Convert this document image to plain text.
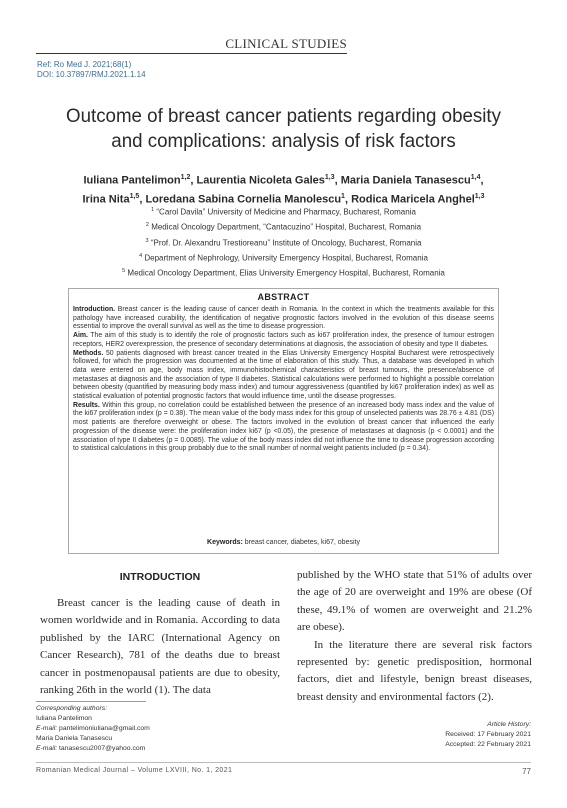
CLINICAL STUDIES
Ref: Ro Med J. 2021;68(1)
DOI: 10.37897/RMJ.2021.1.14
Outcome of breast cancer patients regarding obesity
and complications: analysis of risk factors
Iuliana Pantelimon$^{1,2}$, Laurentia Nicoleta Gales$^{1,3}$, Maria Daniela Tanasescu$^{1,4}$,
Irina Nita$^{1,5}$, Loredana Sabina Cornelia Manolescu$^1$, Rodica Maricela Anghel$^{1,3}$
$^1$ “Carol Davila” University of Medicine and Pharmacy, Bucharest, Romania
$^2$ Medical Oncology Department, “Cantacuzino” Hospital, Bucharest, Romania
$^3$ “Prof. Dr. Alexandru Trestioreanu” Institute of Oncology, Bucharest, Romania
$^4$ Department of Nephrology, University Emergency Hospital, Bucharest, Romania
$^5$ Medical Oncology Department, Elias University Emergency Hospital, Bucharest, Romania
ABSTRACT

Introduction. Breast cancer is the leading cause of cancer death in Romania. In the context in which the treatments available for this pathology have increased curability, the identification of negative prognostic factors involved in the evolution of this disease seems essential to improve the overall survival as well as the time to disease progression.

Aim. The aim of this study is to identify the role of prognostic factors such as ki67 proliferation index, the presence of tumour estrogen receptors, HER2 overexpression, the presence of secondary determinations at diagnosis, the association of obesity and type II diabetes.

Methods. 50 patients diagnosed with breast cancer treated in the Elias University Emergency Hospital Bucharest were retrospectively followed, for which the progression was documented at the time of elaboration of this study. Thus, a database was developed in which data were entered on age, body mass index, immunohistochemical characteristics of breast tumours, the presence/absence of metastases at diagnosis and the association of type II diabetes. Statistical calculations were performed to highlight a possible correlation between obesity (quantified by measuring body mass index) and tumour aggressiveness (quantified by ki67 proliferation index) as well as statistical evaluation of potential prognostic factors that would influence time, until the disease progresses.

Results. Within this group, no correlation could be established between the presence of an increased body mass index and the value of the ki67 proliferation index (p = 0.38). The mean value of the body mass index for this group of unselected patients was 28.76 ± 4.81 (DS) most patients are therefore overweight or obese. The factors involved in the evolution of breast cancer that influenced the early progression of the disease were: the proliferation index ki67 (p <0.05), the presence of metastases at diagnosis (p < 0.0001) and the association of type II diabetes (p = 0.0085). The value of the body mass index did not influence the time to disease progression according to statistical calculations in this group probably due to the small number of normal weight patients included (p = 0.34).

Keywords: breast cancer, diabetes, ki67, obesity
INTRODUCTION

Breast cancer is the leading cause of death in women worldwide and in Romania. According to data published by the IARC (International Agency on Cancer Research), 781 of the deaths due to breast cancer in postmenopausal patients are due to obesity, ranking 26th in the world (1). The data

published by the WHO state that 51% of adults over the age of 20 are overweight and 19% are obese (Of these, 49.1% of women are overweight and 21.2% are obese).

In the literature there are several risk factors represented by: genetic predisposition, hormonal factors, diet and lifestyle, benign breast diseases, breast density and environmental factors (2).

Corresponding authors:
Iuliana Pantelimon
E-mail: pantelimoniuliana@gmail.com
Maria Daniela Tanasescu
E-mail: tanasescu2007@yahoo.com
Article History:
Received: 17 February 2021
Accepted: 22 February 2021
Romanian Medical Journal – Volume LXVIII, No. 1, 2021	77
